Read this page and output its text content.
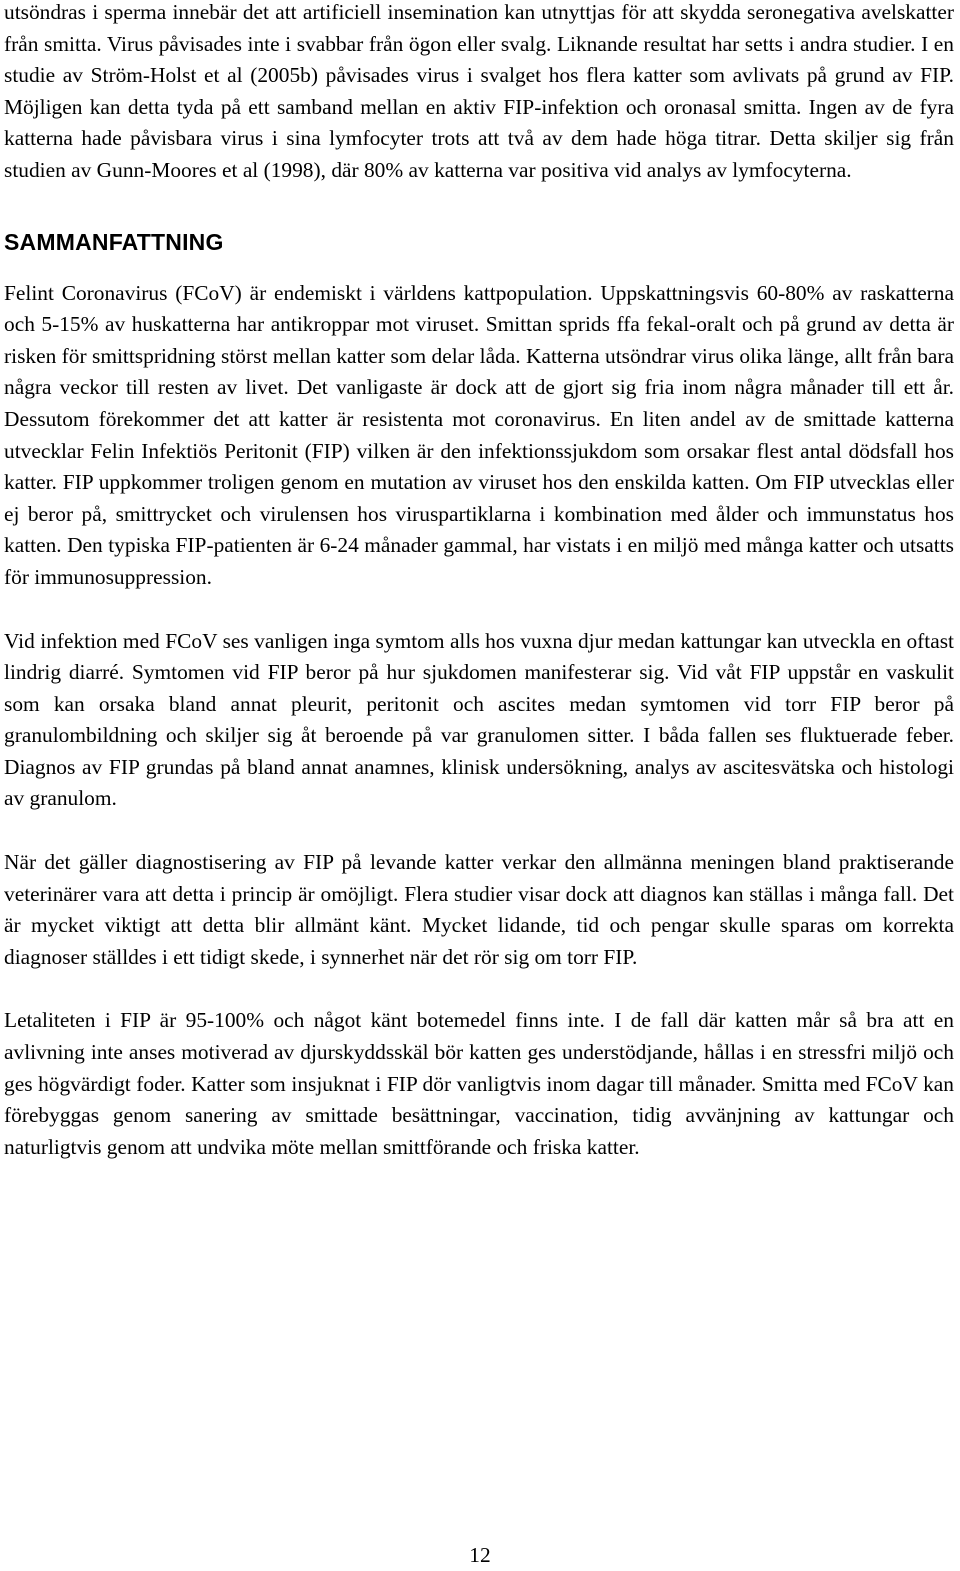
utsöndras i sperma innebär det att artificiell insemination kan utnyttjas för att skydda seronegativa avelskatter från smitta. Virus påvisades inte i svabbar från ögon eller svalg. Liknande resultat har setts i andra studier. I en studie av Ström-Holst et al (2005b) påvisades virus i svalget hos flera katter som avlivats på grund av FIP. Möjligen kan detta tyda på ett samband mellan en aktiv FIP-infektion och oronasal smitta. Ingen av de fyra katterna hade påvisbara virus i sina lymfocyter trots att två av dem hade höga titrar. Detta skiljer sig från studien av Gunn-Moores et al (1998), där 80% av katterna var positiva vid analys av lymfocyterna.

SAMMANFATTNING

Felint Coronavirus (FCoV) är endemiskt i världens kattpopulation. Uppskattningsvis 60-80% av raskatterna och 5-15% av huskatterna har antikroppar mot viruset. Smittan sprids ffa fekal-oralt och på grund av detta är risken för smittspridning störst mellan katter som delar låda. Katterna utsöndrar virus olika länge, allt från bara några veckor till resten av livet. Det vanligaste är dock att de gjort sig fria inom några månader till ett år. Dessutom förekommer det att katter är resistenta mot coronavirus. En liten andel av de smittade katterna utvecklar Felin Infektiös Peritonit (FIP) vilken är den infektionssjukdom som orsakar flest antal dödsfall hos katter. FIP uppkommer troligen genom en mutation av viruset hos den enskilda katten. Om FIP utvecklas eller ej beror på, smittrycket och virulensen hos viruspartiklarna i kombination med ålder och immunstatus hos katten. Den typiska FIP-patienten är 6-24 månader gammal, har vistats i en miljö med många katter och utsatts för immunosuppression.

Vid infektion med FCoV ses vanligen inga symtom alls hos vuxna djur medan kattungar kan utveckla en oftast lindrig diarré. Symtomen vid FIP beror på hur sjukdomen manifesterar sig. Vid våt FIP uppstår en vaskulit som kan orsaka bland annat pleurit, peritonit och ascites medan symtomen vid torr FIP beror på granulombildning och skiljer sig åt beroende på var granulomen sitter. I båda fallen ses fluktuerade feber. Diagnos av FIP grundas på bland annat anamnes, klinisk undersökning, analys av ascitesvätska och histologi av granulom.

När det gäller diagnostisering av FIP på levande katter verkar den allmänna meningen bland praktiserande veterinärer vara att detta i princip är omöjligt. Flera studier visar dock att diagnos kan ställas i många fall. Det är mycket viktigt att detta blir allmänt känt. Mycket lidande, tid och pengar skulle sparas om korrekta diagnoser ställdes i ett tidigt skede, i synnerhet när det rör sig om torr FIP.

Letaliteten i FIP är 95-100% och något känt botemedel finns inte. I de fall där katten mår så bra att en avlivning inte anses motiverad av djurskyddsskäl bör katten ges understödjande, hållas i en stressfri miljö och ges högvärdigt foder. Katter som insjuknat i FIP dör vanligtvis inom dagar till månader. Smitta med FCoV kan förebyggas genom sanering av smittade besättningar, vaccination, tidig avvänjning av kattungar och naturligtvis genom att undvika möte mellan smittförande och friska katter.

12
